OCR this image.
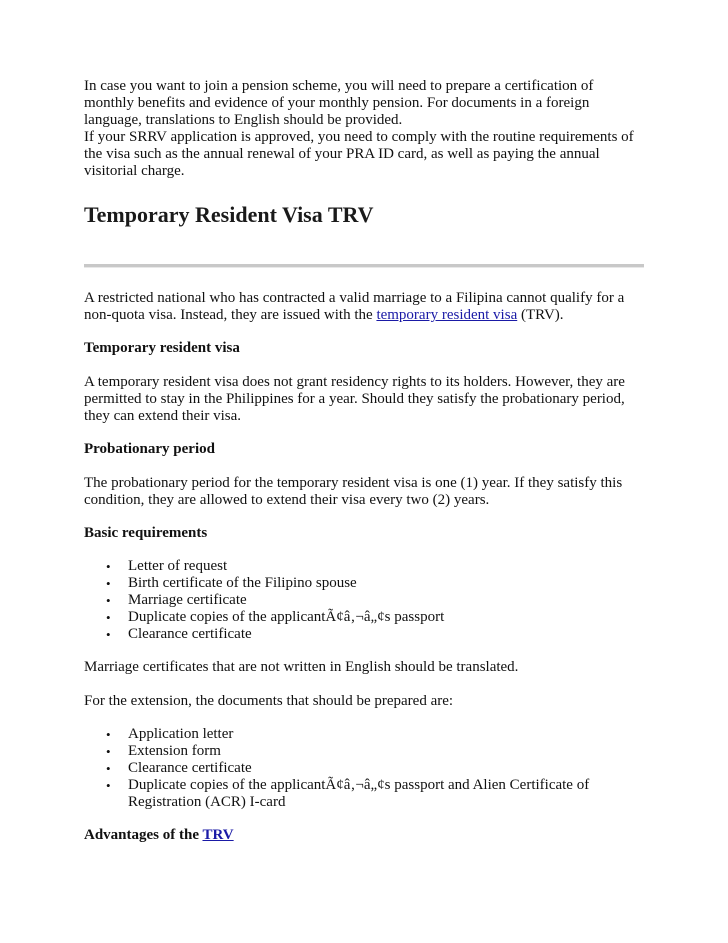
In case you want to join a pension scheme, you will need to prepare a certification of monthly benefits and evidence of your monthly pension. For documents in a foreign language, translations to English should be provided.

If your SRRV application is approved, you need to comply with the routine requirements of the visa such as the annual renewal of your PRA ID card, as well as paying the annual visitorial charge.

Temporary Resident Visa TRV

A restricted national who has contracted a valid marriage to a Filipina cannot qualify for a non-quota visa. Instead, they are issued with the temporary resident visa (TRV).

Temporary resident visa

A temporary resident visa does not grant residency rights to its holders. However, they are permitted to stay in the Philippines for a year. Should they satisfy the probationary period, they can extend their visa.

Probationary period

The probationary period for the temporary resident visa is one (1) year. If they satisfy this condition, they are allowed to extend their visa every two (2) years.

Basic requirements

• Letter of request
• Birth certificate of the Filipino spouse
• Marriage certificate
• Duplicate copies of the applicantÃ¢â‚¬â„¢s passport
• Clearance certificate

Marriage certificates that are not written in English should be translated.

For the extension, the documents that should be prepared are:

• Application letter
• Extension form
• Clearance certificate
• Duplicate copies of the applicantÃ¢â‚¬â„¢s passport and Alien Certificate of Registration (ACR) I-card

Advantages of the TRV
